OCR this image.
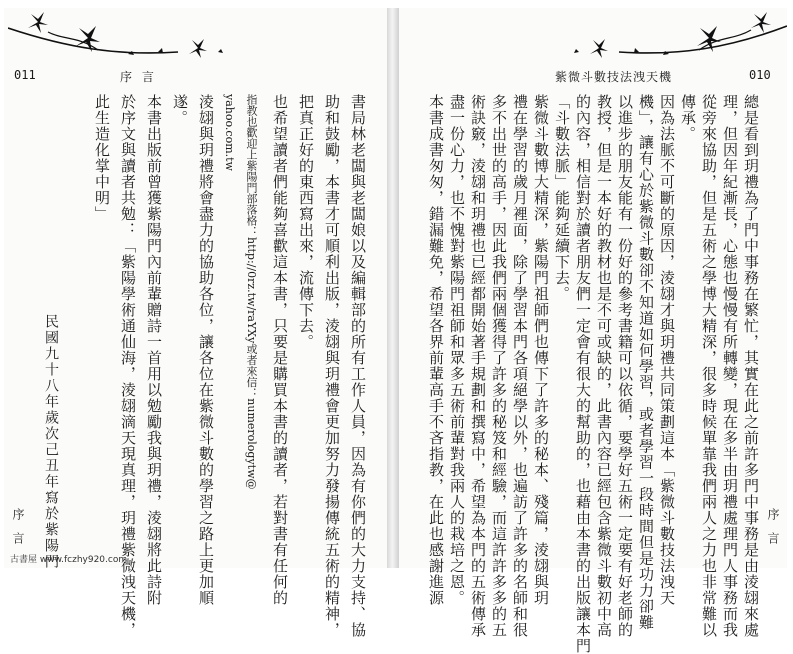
011	序 言
書局林老闆與老闆娘以及編輯部的所有工作人員，因為有你們的大力支持、協
助和鼓勵，本書才可順利出版，淩翃與玥禮會更加努力發揚傳統五術的精神，
把真正好的東西寫出來，流傳下去。
也希望讀者們能夠喜歡這本書，只要是購買本書的讀者，若對書有任何的
指教也歡迎上紫陽門部落格：http://0rz.tw/raYXy或者來信：numerologytw@
yahoo.com.tw
淩翃與玥禮將會盡力的協助各位，讓各位在紫微斗數的學習之路上更加順
遂。
本書出版前曾獲紫陽門內前輩贈詩一首用以勉勵我與玥禮，淩翃將此詩附
於序文與讀者共勉：「紫陽學術通仙海，淩翃滴天現真理，玥禮紫微洩天機，
此生造化掌中明」
民國九十八年歲次己丑年寫於紫陽門
序 言
古書屋 www.fczhy920.com
紫微斗數技法洩天機	010
總是看到玥禮為了門中事務在繁忙，其實在此之前許多門中事務是由淩翃來處
理，但因年紀漸長，心態也慢慢有所轉變，現在多半由玥禮處理門人事務而我
從旁來協助，但是五術之學博大精深，很多時候單靠我們兩人之力也非常難以
傳承。
因為法脈不可斷的原因，淩翃才與玥禮共同策劃這本「紫微斗數技法洩天
機」，讓有心於紫微斗數卻不知道如何學習，或者學習一段時間但是功力卻難
以進步的朋友能有一份好的參考書籍可以依循，要學好五術一定要有好老師的
教授，但是一本好的教材也是不可或缺的，此書內容已經包含紫微斗數初中高
的內容，相信對於讀者朋友們一定會有很大的幫助的，也藉由本書的出版讓本門
「斗數法脈」能夠延續下去。
紫微斗數博大精深，紫陽門祖師們也傳下了許多的秘本、殘篇，淩翃與玥
禮在學習的歲月裡面，除了學習本門各項絕學以外，也遍訪了許多的名師和很
多不出世的高手，因此我們兩個獲得了許多的秘笈和經驗，而這許許多多的五
術訣竅，淩翃和玥禮也已經都開始著手規劃和撰寫中，希望為本門的五術傳承
盡一份心力，也不愧對紫陽門祖師和眾多五術前輩對我兩人的栽培之恩。
本書成書匆匆，錯漏難免，希望各界前輩高手不吝指教，在此也感謝進源	序 言
